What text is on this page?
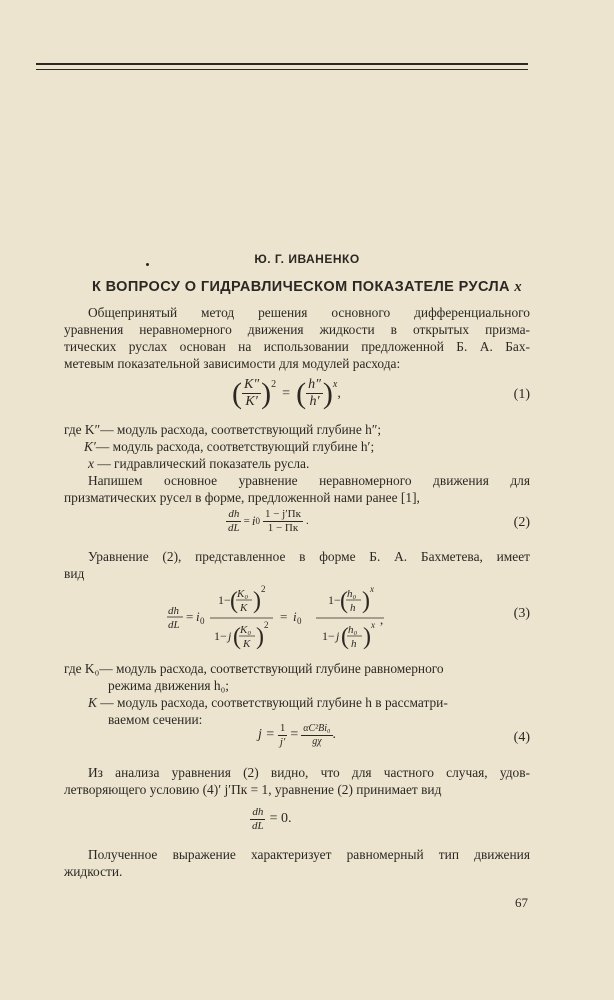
Ю. Г. ИВАНЕНКО
К ВОПРОСУ О ГИДРАВЛИЧЕСКОМ ПОКАЗАТЕЛЕ РУСЛА x
Общепринятый метод решения основного дифференциального
уравнения неравномерного движения жидкости в открытых призма-
тических руслах основан на использовании предложенной Б. А. Бах-
метевым показательной зависимости для модулей расхода:
( $\frac{K''}{K'} )^2$
= ( $\frac{h''}{h'} )^x$
,	(1)
где K″— модуль расхода, соответствующий глубине h″;
K′— модуль расхода, соответствующий глубине h′;
x — гидравлический показатель русла.
Напишем основное уравнение неравномерного движения для
призматических русел в форме, предложенной нами ранее [1],
$\frac{dh}{dL} = i$ $0 \frac{1 - j'Пк}{1 - Пк}$ .	(2)
Уравнение (2), представленное в форме Б. А. Бахметева, имеет
вид
dh
dL
= i 0
1− ( K₀
K ) 2
1− j ( K₀
K ) 2
= i 0
1− ( h₀
h ) x
1− j ( h₀
h ) x ,	(3)
где K₀— модуль расхода, соответствующий глубине равномерного
режима движения h₀;
K — модуль расхода, соответствующий глубине h в рассматри-
ваемом сечении:
$j = \frac{1}{j'} = \frac{\text{αC²Bi₀}}{g\chi}$ .	(4)
Из анализа уравнения (2) видно, что для частного случая, удов-
летворяющего условию (4)′ j′Пк = 1, уравнение (2) принимает вид
$\frac{dh}{dL} = 0$.
Полученное выражение характеризует равномерный тип движения
жидкости.
67
